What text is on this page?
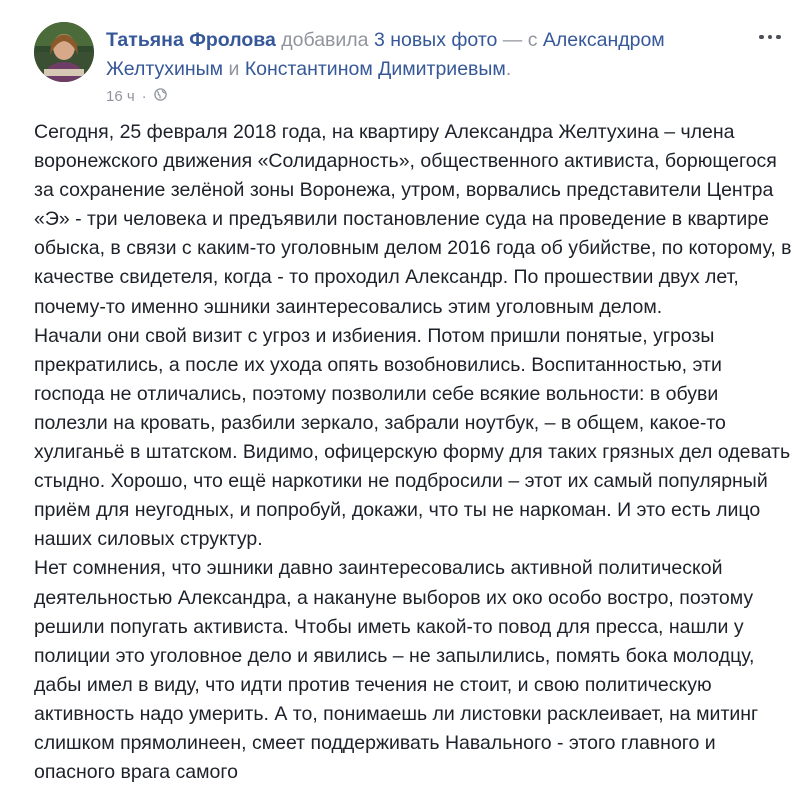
Татьяна Фролова добавила 3 новых фото — с Александром Желтухиным и Константином Димитриевым.
16 ч ·

Сегодня, 25 февраля 2018 года, на квартиру Александра Желтухина – члена воронежского движения «Солидарность», общественного активиста, борющегося за сохранение зелёной зоны Воронежа, утром, ворвались представители Центра «Э» - три человека и предъявили постановление суда на проведение в квартире обыска, в связи с каким-то уголовным делом 2016 года об убийстве, по которому, в качестве свидетеля, когда - то проходил Александр. По прошествии двух лет, почему-то именно эшники заинтересовались этим уголовным делом.

Начали они свой визит с угроз и избиения. Потом пришли понятые, угрозы прекратились, а после их ухода опять возобновились. Воспитанностью, эти господа не отличались, поэтому позволили себе всякие вольности: в обуви полезли на кровать, разбили зеркало, забрали ноутбук, – в общем, какое-то хулиганьё в штатском. Видимо, офицерскую форму для таких грязных дел одевать стыдно. Хорошо, что ещё наркотики не подбросили – этот их самый популярный приём для неугодных, и попробуй, докажи, что ты не наркоман. И это есть лицо наших силовых структур.

Нет сомнения, что эшники давно заинтересовались активной политической деятельностью Александра, а накануне выборов их око особо востро, поэтому решили попугать активиста. Чтобы иметь какой-то повод для пресса, нашли у полиции это уголовное дело и явились – не запылились, помять бока молодцу, дабы имел в виду, что идти против течения не стоит, и свою политическую активность надо умерить. А то, понимаешь ли листовки расклеивает, на митинг слишком прямолинеен, смеет поддерживать Навального - этого главного и опасного врага самого
